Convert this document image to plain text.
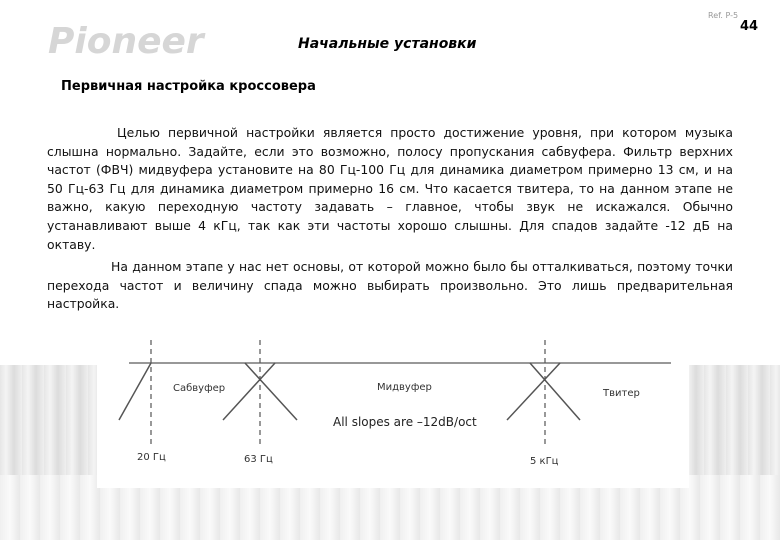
Pioneer
Ref. P-5
44
Начальные установки
Первичная настройка кроссовера

Целью первичной настройки является просто достижение уровня, при котором музыка слышна нормально. Задайте, если это возможно, полосу пропускания сабвуфера. Фильтр верхних частот (ФВЧ) мидвуфера установите на 80 Гц-100 Гц для динамика диаметром примерно 13 см, и на 50 Гц-63 Гц для динамика диаметром примерно 16 см. Что касается твитера, то на данном этапе не важно, какую переходную частоту задавать – главное, чтобы звук не искажался. Обычно устанавливают выше 4 кГц, так как эти частоты хорошо слышны. Для спадов задайте -12 дБ на октаву.

На данном этапе у нас нет основы, от которой можно было бы отталкиваться, поэтому точки перехода частот и величину спада можно выбирать произвольно. Это лишь предварительная настройка.

Сабвуфер	Мидвуфер
Твитер
All slopes are –12dB/oct
20 Гц	63 Гц	5 кГц
